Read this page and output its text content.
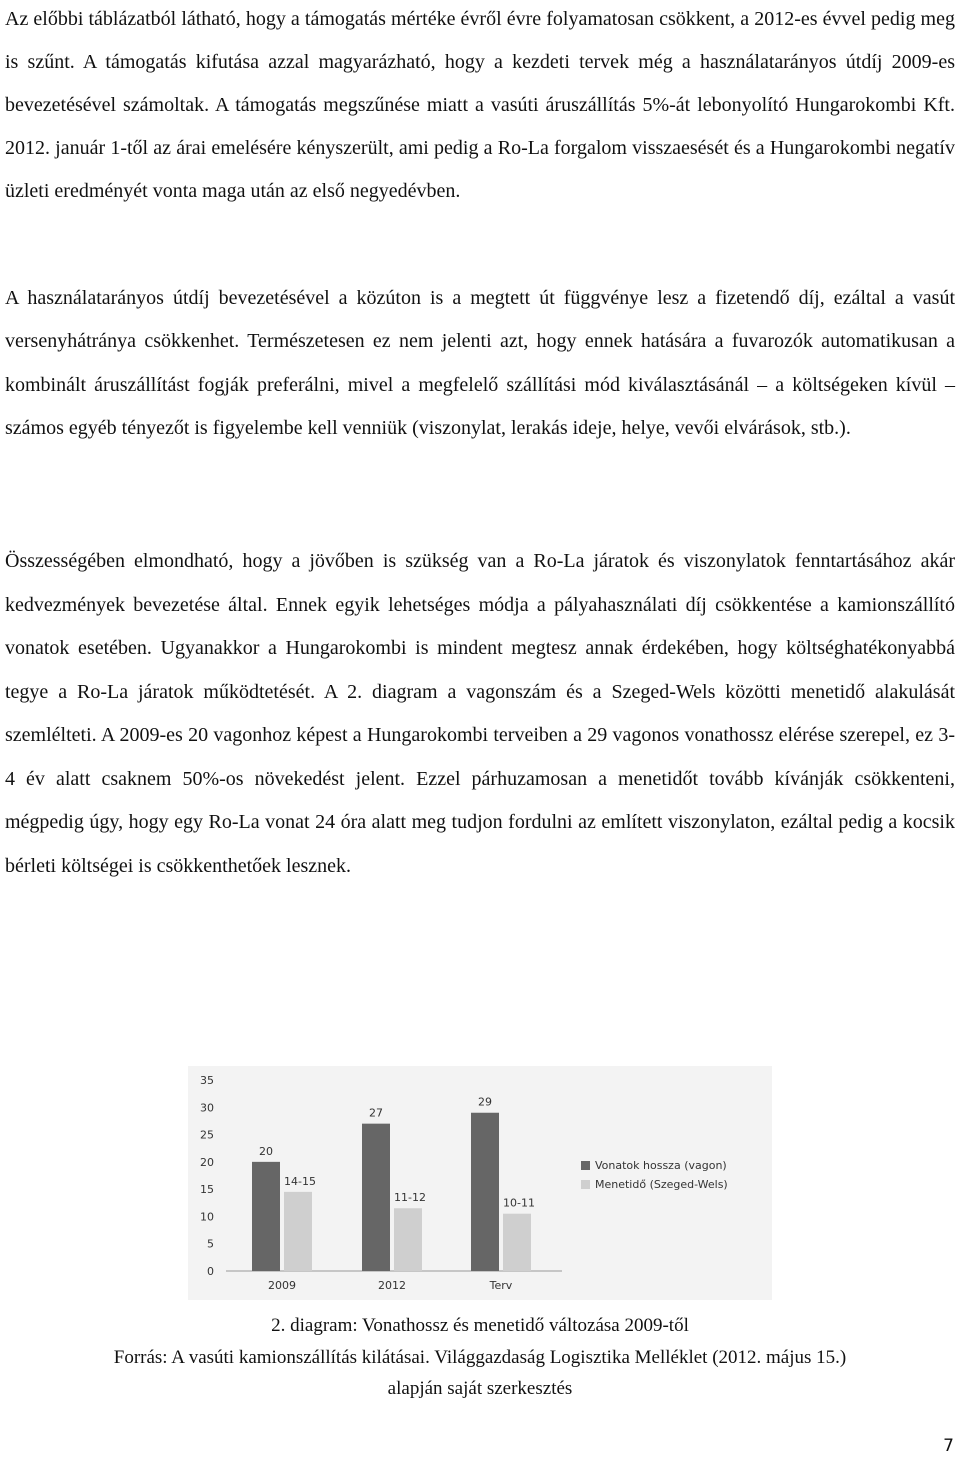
Az előbbi táblázatból látható, hogy a támogatás mértéke évről évre folyamatosan csökkent, a 2012-es évvel pedig meg is szűnt. A támogatás kifutása azzal magyarázható, hogy a kezdeti tervek még a használatarányos útdíj 2009-es bevezetésével számoltak. A támogatás megszűnése miatt a vasúti áruszállítás 5%-át lebonyolító Hungarokombi Kft. 2012. január 1-től az árai emelésére kényszerült, ami pedig a Ro-La forgalom visszaesését és a Hungarokombi negatív üzleti eredményét vonta maga után az első negyedévben.

A használatarányos útdíj bevezetésével a közúton is a megtett út függvénye lesz a fizetendő díj, ezáltal a vasút versenyhátránya csökkenhet. Természetesen ez nem jelenti azt, hogy ennek hatására a fuvarozók automatikusan a kombinált áruszállítást fogják preferálni, mivel a megfelelő szállítási mód kiválasztásánál – a költségeken kívül – számos egyéb tényezőt is figyelembe kell venniük (viszonylat, lerakás ideje, helye, vevői elvárások, stb.).

Összességében elmondható, hogy a jövőben is szükség van a Ro-La járatok és viszonylatok fenntartásához akár kedvezmények bevezetése által. Ennek egyik lehetséges módja a pályahasználati díj csökkentése a kamionszállító vonatok esetében. Ugyanakkor a Hungarokombi is mindent megtesz annak érdekében, hogy költséghatékonyabbá tegye a Ro-La járatok működtetését. A 2. diagram a vagonszám és a Szeged-Wels közötti menetidő alakulását szemlélteti. A 2009-es 20 vagonhoz képest a Hungarokombi terveiben a 29 vagonos vonathossz elérése szerepel, ez 3-4 év alatt csaknem 50%-os növekedést jelent. Ezzel párhuzamosan a menetidőt tovább kívánják csökkenteni, mégpedig úgy, hogy egy Ro-La vonat 24 óra alatt meg tudjon fordulni az említett viszonylaton, ezáltal pedig a kocsik bérleti költségei is csökkenthetőek lesznek.

0
5
10
15
20
25
30
35
20
14-15
2009
27
11-12
2012
29
10-11
Terv
Vonatok hossza (vagon)
Menetidő (Szeged-Wels)

2. diagram: Vonathossz és menetidő változása 2009-től

Forrás: A vasúti kamionszállítás kilátásai. Világgazdaság Logisztika Melléklet (2012. május 15.)

alapján saját szerkesztés

7
